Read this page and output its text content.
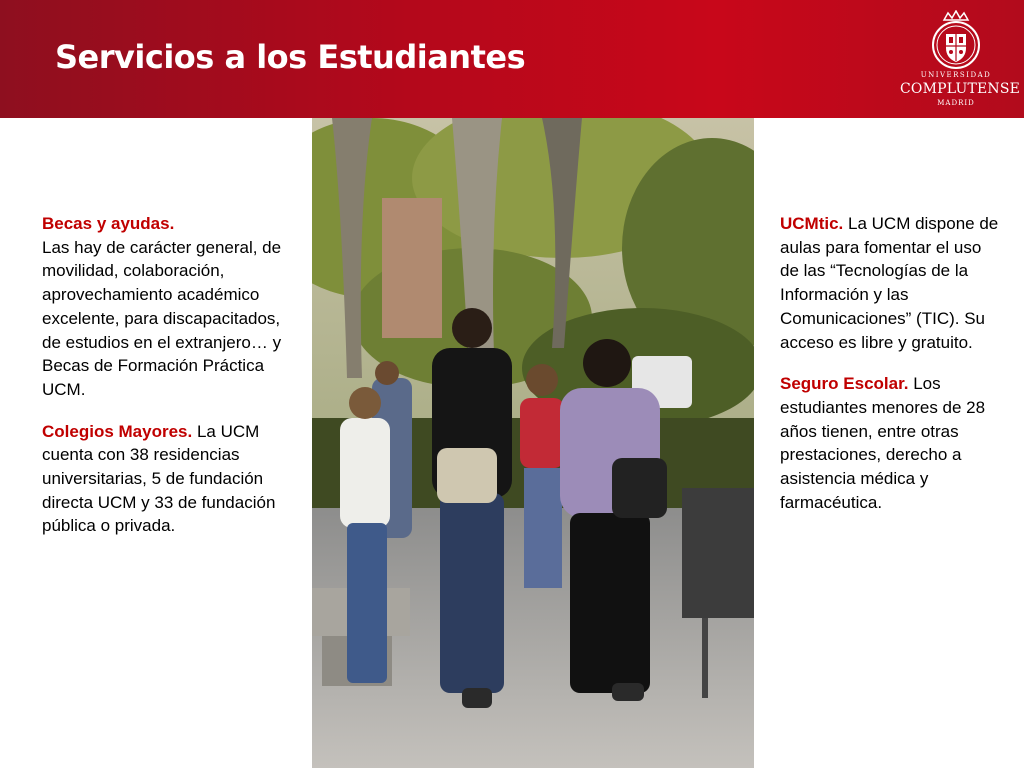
Servicios a los Estudiantes	UNIVERSIDAD
COMPLUTENSE
MADRID

Becas y ayudas.
Las hay de carácter general, de movilidad, colaboración, aprovechamiento académico excelente, para discapacitados, de estudios en el extranjero… y Becas de Formación Práctica UCM.

Colegios Mayores. La UCM cuenta con 38 residencias universitarias, 5 de fundación directa UCM y 33 de fundación pública o privada.

UCMtic. La UCM dispone de aulas para fomentar el uso de las “Tecnologías de la Información y las Comunicaciones” (TIC). Su acceso es libre y gratuito.

Seguro Escolar. Los estudiantes menores de 28 años tienen, entre otras prestaciones, derecho a asistencia médica y farmacéutica.
